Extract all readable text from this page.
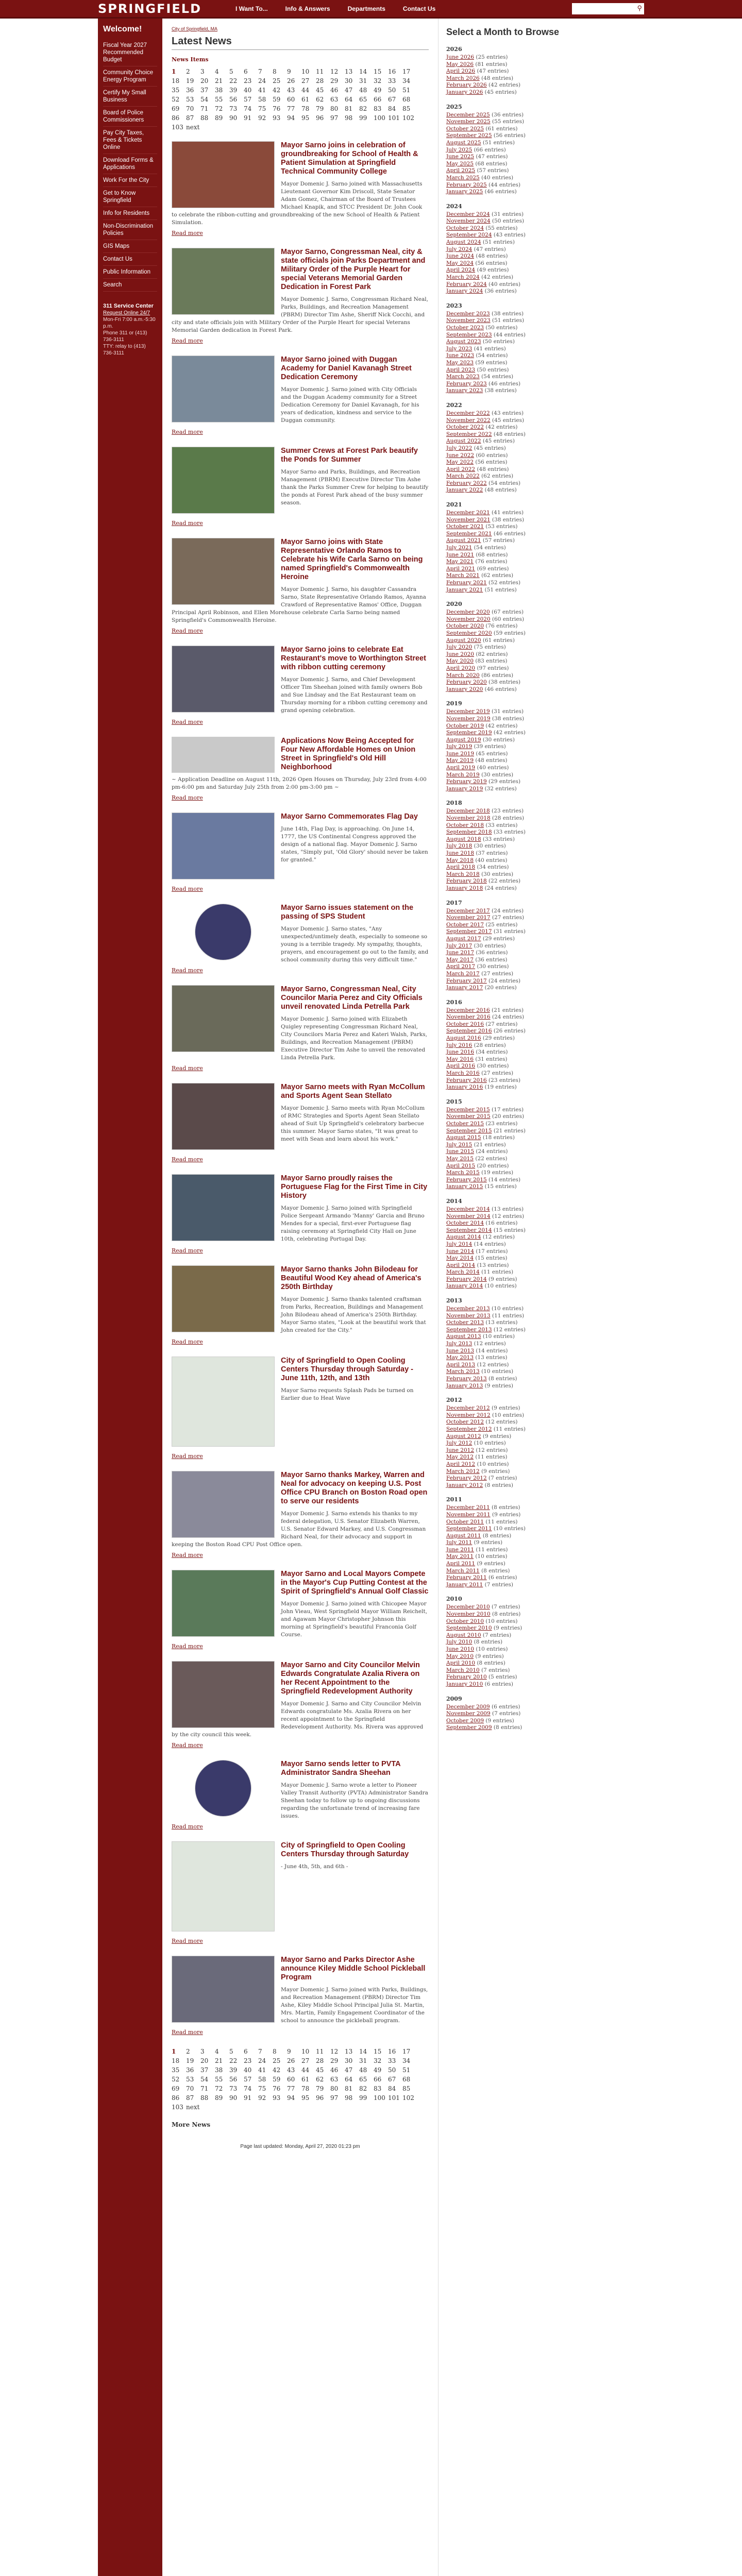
SPRINGFIELD	I Want To...	Info & Answers	Departments	Contact Us	⚲
Welcome!
Fiscal Year 2027 Recommended Budget
Community Choice Energy Program
Certify My Small Business
Board of Police Commissioners
Pay City Taxes, Fees & Tickets Online
Download Forms & Applications
Work For the City
Get to Know Springfield
Info for Residents
Non-Discrimination Policies
GIS Maps
Contact Us
Public Information
Search
311 Service Center
Request Online 24/7
Mon-Fri 7:00 a.m.-5:30 p.m.
Phone 311 or (413) 736-3111
TTY: relay to (413) 736-3111
City of Springfield, MA
Latest News
News Items
1 2 3 4 5 6 7 8 9 10 11 12 13 14 15 16 1718 19 20 21 22 23 24 25 26 27 28 29 30 31 32 33 3435 36 37 38 39 40 41 42 43 44 45 46 47 48 49 50 5152 53 54 55 56 57 58 59 60 61 62 63 64 65 66 67 6869 70 71 72 73 74 75 76 77 78 79 80 81 82 83 84 8586 87 88 89 90 91 92 93 94 95 96 97 98 99 100 101 102103 next
Mayor Sarno joins in celebration of groundbreaking for School of Health & Patient Simulation at Springfield Technical Community College
Mayor Domenic J. Sarno joined with Massachusetts Lieutenant Governor Kim Driscoll, State Senator Adam Gomez, Chairman of the Board of Trustees Michael Knapik, and STCC President Dr. John Cook to celebrate the ribbon-cutting and groundbreaking of the new School of Health & Patient Simulation.
Read more
Mayor Sarno, Congressman Neal, city & state officials join Parks Department and Military Order of the Purple Heart for special Veterans Memorial Garden Dedication in Forest Park
Mayor Domenic J. Sarno, Congressman Richard Neal, Parks, Buildings, and Recreation Management (PBRM) Director Tim Ashe, Sheriff Nick Cocchi, and city and state officials join with Military Order of the Purple Heart for special Veterans Memorial Garden dedication in Forest Park.
Read more
Mayor Sarno joined with Duggan Academy for Daniel Kavanagh Street Dedication Ceremony
Mayor Domenic J. Sarno joined with City Officials and the Duggan Academy community for a Street Dedication Ceremony for Daniel Kavanagh, for his years of dedication, kindness and service to the Duggan community.
Read more
Summer Crews at Forest Park beautify the Ponds for Summer
Mayor Sarno and Parks, Buildings, and Recreation Management (PBRM) Executive Director Tim Ashe thank the Parks Summer Crew for helping to beautify the ponds at Forest Park ahead of the busy summer season.
Read more
Mayor Sarno joins with State Representative Orlando Ramos to Celebrate his Wife Carla Sarno on being named Springfield's Commonwealth Heroine
Mayor Domenic J. Sarno, his daughter Cassandra Sarno, State Representative Orlando Ramos, Ayanna Crawford of Representative Ramos' Office, Duggan Principal April Robinson, and Ellen Morehouse celebrate Carla Sarno being named Springfield's Commonwealth Heroine.
Read more
Mayor Sarno joins to celebrate Eat Restaurant's move to Worthington Street with ribbon cutting ceremony
Mayor Domenic J. Sarno, and Chief Development Officer Tim Sheehan joined with family owners Bob and Sue Lindsay and the Eat Restaurant team on Thursday morning for a ribbon cutting ceremony and grand opening celebration.
Read more
Applications Now Being Accepted for Four New Affordable Homes on Union Street in Springfield's Old Hill Neighborhood
~ Application Deadline on August 11th, 2026 Open Houses on Thursday, July 23rd from 4:00 pm-6:00 pm and Saturday July 25th from 2:00 pm-3:00 pm ~
Read more
Mayor Sarno Commemorates Flag Day
June 14th, Flag Day, is approaching. On June 14, 1777, the US Continental Congress approved the design of a national flag. Mayor Domenic J. Sarno states, "Simply put, 'Old Glory' should never be taken for granted."
Read more
Mayor Sarno issues statement on the passing of SPS Student
Mayor Domenic J. Sarno states, "Any unexpected/untimely death, especially to someone so young is a terrible tragedy. My sympathy, thoughts, prayers, and encouragement go out to the family, and school community during this very difficult time."
Read more
Mayor Sarno, Congressman Neal, City Councilor Maria Perez and City Officials unveil renovated Linda Petrella Park
Mayor Domenic J. Sarno joined with Elizabeth Quigley representing Congressman Richard Neal, City Councilors Maria Perez and Kateri Walsh, Parks, Buildings, and Recreation Management (PBRM) Executive Director Tim Ashe to unveil the renovated Linda Petrella Park.
Read more
Mayor Sarno meets with Ryan McCollum and Sports Agent Sean Stellato
Mayor Domenic J. Sarno meets with Ryan McCollum of RMC Strategies and Sports Agent Sean Stellato ahead of Suit Up Springfield's celebratory barbecue this summer. Mayor Sarno states, "It was great to meet with Sean and learn about his work."
Read more
Mayor Sarno proudly raises the Portuguese Flag for the First Time in City History
Mayor Domenic J. Sarno joined with Springfield Police Sergeant Armando 'Manny' Garcia and Bruno Mendes for a special, first-ever Portuguese flag raising ceremony at Springfield City Hall on June 10th, celebrating Portugal Day.
Read more
Mayor Sarno thanks John Bilodeau for Beautiful Wood Key ahead of America's 250th Birthday
Mayor Domenic J. Sarno thanks talented craftsman from Parks, Recreation, Buildings and Management John Bilodeau ahead of America's 250th Birthday. Mayor Sarno states, "Look at the beautiful work that John created for the City."
Read more
City of Springfield to Open Cooling Centers Thursday through Saturday - June 11th, 12th, and 13th
Mayor Sarno requests Splash Pads be turned on Earlier due to Heat Wave
Read more
Mayor Sarno thanks Markey, Warren and Neal for advocacy on keeping U.S. Post Office CPU Branch on Boston Road open to serve our residents
Mayor Domenic J. Sarno extends his thanks to my federal delegation, U.S. Senator Elizabeth Warren, U.S. Senator Edward Markey, and U.S. Congressman Richard Neal, for their advocacy and support in keeping the Boston Road CPU Post Office open.
Read more
Mayor Sarno and Local Mayors Compete in the Mayor's Cup Putting Contest at the Spirit of Springfield's Annual Golf Classic
Mayor Domenic J. Sarno joined with Chicopee Mayor John Vieau, West Springfield Mayor William Reichelt, and Agawam Mayor Christopher Johnson this morning at Springfield's beautiful Franconia Golf Course.
Read more
Mayor Sarno and City Councilor Melvin Edwards Congratulate Azalia Rivera on her Recent Appointment to the Springfield Redevelopment Authority
Mayor Domenic J. Sarno and City Councilor Melvin Edwards congratulate Ms. Azalia Rivera on her recent appointment to the Springfield Redevelopment Authority. Ms. Rivera was approved by the city council this week.
Read more
Mayor Sarno sends letter to PVTA Administrator Sandra Sheehan
Mayor Domenic J. Sarno wrote a letter to Pioneer Valley Transit Authority (PVTA) Administrator Sandra Sheehan today to follow up to ongoing discussions regarding the unfortunate trend of increasing fare issues.
Read more
City of Springfield to Open Cooling Centers Thursday through Saturday
- June 4th, 5th, and 6th -
Read more
Mayor Sarno and Parks Director Ashe announce Kiley Middle School Pickleball Program
Mayor Domenic J. Sarno joined with Parks, Buildings, and Recreation Management (PBRM) Director Tim Ashe, Kiley Middle School Principal Julia St. Martin, Mrs. Martin, Family Engagement Coordinator of the school to announce the pickleball program.
Read more
1 2 3 4 5 6 7 8 9 10 11 12 13 14 15 16 1718 19 20 21 22 23 24 25 26 27 28 29 30 31 32 33 3435 36 37 38 39 40 41 42 43 44 45 46 47 48 49 50 5152 53 54 55 56 57 58 59 60 61 62 63 64 65 66 67 6869 70 71 72 73 74 75 76 77 78 79 80 81 82 83 84 8586 87 88 89 90 91 92 93 94 95 96 97 98 99 100 101 102103 next
More News
Page last updated: Monday, April 27, 2020 01:23 pm
Select a Month to Browse
2026
June 2026 (25 entries)
May 2026 (81 entries)
April 2026 (47 entries)
March 2026 (48 entries)
February 2026 (42 entries)
January 2026 (45 entries)
2025
December 2025 (36 entries)
November 2025 (55 entries)
October 2025 (61 entries)
September 2025 (56 entries)
August 2025 (51 entries)
July 2025 (66 entries)
June 2025 (47 entries)
May 2025 (68 entries)
April 2025 (57 entries)
March 2025 (40 entries)
February 2025 (44 entries)
January 2025 (46 entries)
2024
December 2024 (31 entries)
November 2024 (50 entries)
October 2024 (55 entries)
September 2024 (43 entries)
August 2024 (51 entries)
July 2024 (47 entries)
June 2024 (48 entries)
May 2024 (56 entries)
April 2024 (49 entries)
March 2024 (42 entries)
February 2024 (40 entries)
January 2024 (36 entries)
2023
December 2023 (38 entries)
November 2023 (51 entries)
October 2023 (50 entries)
September 2023 (44 entries)
August 2023 (50 entries)
July 2023 (41 entries)
June 2023 (54 entries)
May 2023 (59 entries)
April 2023 (50 entries)
March 2023 (54 entries)
February 2023 (46 entries)
January 2023 (38 entries)
2022
December 2022 (43 entries)
November 2022 (45 entries)
October 2022 (42 entries)
September 2022 (48 entries)
August 2022 (45 entries)
July 2022 (45 entries)
June 2022 (60 entries)
May 2022 (56 entries)
April 2022 (48 entries)
March 2022 (62 entries)
February 2022 (54 entries)
January 2022 (48 entries)
2021
December 2021 (41 entries)
November 2021 (38 entries)
October 2021 (53 entries)
September 2021 (46 entries)
August 2021 (57 entries)
July 2021 (54 entries)
June 2021 (68 entries)
May 2021 (76 entries)
April 2021 (69 entries)
March 2021 (62 entries)
February 2021 (52 entries)
January 2021 (51 entries)
2020
December 2020 (67 entries)
November 2020 (60 entries)
October 2020 (76 entries)
September 2020 (59 entries)
August 2020 (61 entries)
July 2020 (75 entries)
June 2020 (82 entries)
May 2020 (83 entries)
April 2020 (97 entries)
March 2020 (86 entries)
February 2020 (38 entries)
January 2020 (46 entries)
2019
December 2019 (31 entries)
November 2019 (38 entries)
October 2019 (42 entries)
September 2019 (42 entries)
August 2019 (30 entries)
July 2019 (39 entries)
June 2019 (45 entries)
May 2019 (48 entries)
April 2019 (40 entries)
March 2019 (30 entries)
February 2019 (29 entries)
January 2019 (32 entries)
2018
December 2018 (23 entries)
November 2018 (28 entries)
October 2018 (33 entries)
September 2018 (33 entries)
August 2018 (33 entries)
July 2018 (30 entries)
June 2018 (37 entries)
May 2018 (40 entries)
April 2018 (34 entries)
March 2018 (30 entries)
February 2018 (22 entries)
January 2018 (24 entries)
2017
December 2017 (24 entries)
November 2017 (27 entries)
October 2017 (25 entries)
September 2017 (31 entries)
August 2017 (29 entries)
July 2017 (30 entries)
June 2017 (36 entries)
May 2017 (36 entries)
April 2017 (30 entries)
March 2017 (27 entries)
February 2017 (24 entries)
January 2017 (20 entries)
2016
December 2016 (21 entries)
November 2016 (24 entries)
October 2016 (27 entries)
September 2016 (26 entries)
August 2016 (29 entries)
July 2016 (28 entries)
June 2016 (34 entries)
May 2016 (31 entries)
April 2016 (30 entries)
March 2016 (27 entries)
February 2016 (23 entries)
January 2016 (19 entries)
2015
December 2015 (17 entries)
November 2015 (20 entries)
October 2015 (23 entries)
September 2015 (21 entries)
August 2015 (18 entries)
July 2015 (21 entries)
June 2015 (24 entries)
May 2015 (22 entries)
April 2015 (20 entries)
March 2015 (19 entries)
February 2015 (14 entries)
January 2015 (15 entries)
2014
December 2014 (13 entries)
November 2014 (12 entries)
October 2014 (16 entries)
September 2014 (15 entries)
August 2014 (12 entries)
July 2014 (14 entries)
June 2014 (17 entries)
May 2014 (15 entries)
April 2014 (13 entries)
March 2014 (11 entries)
February 2014 (9 entries)
January 2014 (10 entries)
2013
December 2013 (10 entries)
November 2013 (11 entries)
October 2013 (13 entries)
September 2013 (12 entries)
August 2013 (10 entries)
July 2013 (12 entries)
June 2013 (14 entries)
May 2013 (13 entries)
April 2013 (12 entries)
March 2013 (10 entries)
February 2013 (8 entries)
January 2013 (9 entries)
2012
December 2012 (9 entries)
November 2012 (10 entries)
October 2012 (12 entries)
September 2012 (11 entries)
August 2012 (9 entries)
July 2012 (10 entries)
June 2012 (12 entries)
May 2012 (11 entries)
April 2012 (10 entries)
March 2012 (9 entries)
February 2012 (7 entries)
January 2012 (8 entries)
2011
December 2011 (8 entries)
November 2011 (9 entries)
October 2011 (11 entries)
September 2011 (10 entries)
August 2011 (8 entries)
July 2011 (9 entries)
June 2011 (11 entries)
May 2011 (10 entries)
April 2011 (9 entries)
March 2011 (8 entries)
February 2011 (6 entries)
January 2011 (7 entries)
2010
December 2010 (7 entries)
November 2010 (8 entries)
October 2010 (10 entries)
September 2010 (9 entries)
August 2010 (7 entries)
July 2010 (8 entries)
June 2010 (10 entries)
May 2010 (9 entries)
April 2010 (8 entries)
March 2010 (7 entries)
February 2010 (5 entries)
January 2010 (6 entries)
2009
December 2009 (6 entries)
November 2009 (7 entries)
October 2009 (9 entries)
September 2009 (8 entries)
